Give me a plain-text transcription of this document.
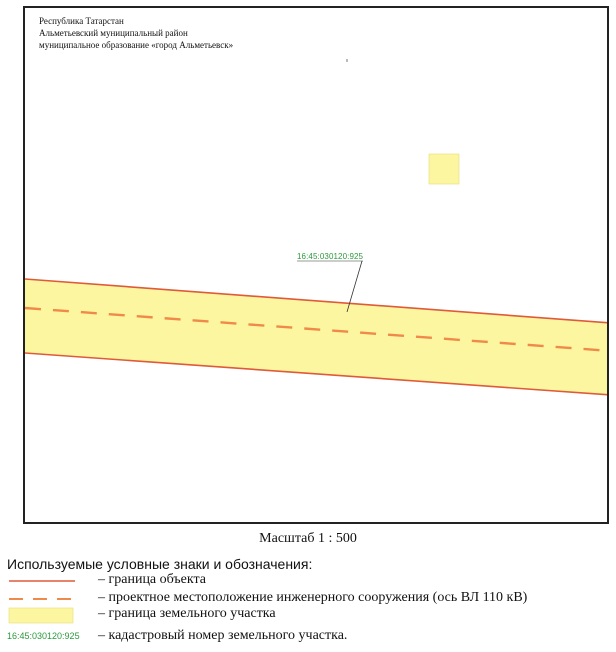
Республика Татарстан
Альметьевский муниципальный район
муниципальное образование «город Альметьевск»
16:45:030120:925
Масштаб 1 : 500
Используемые условные знаки и обозначения:
– граница объекта
– проектное местоположение инженерного сооружения (ось ВЛ 110 кВ)
– граница земельного участка
16:45:030120:925 – кадастровый номер земельного участка.
